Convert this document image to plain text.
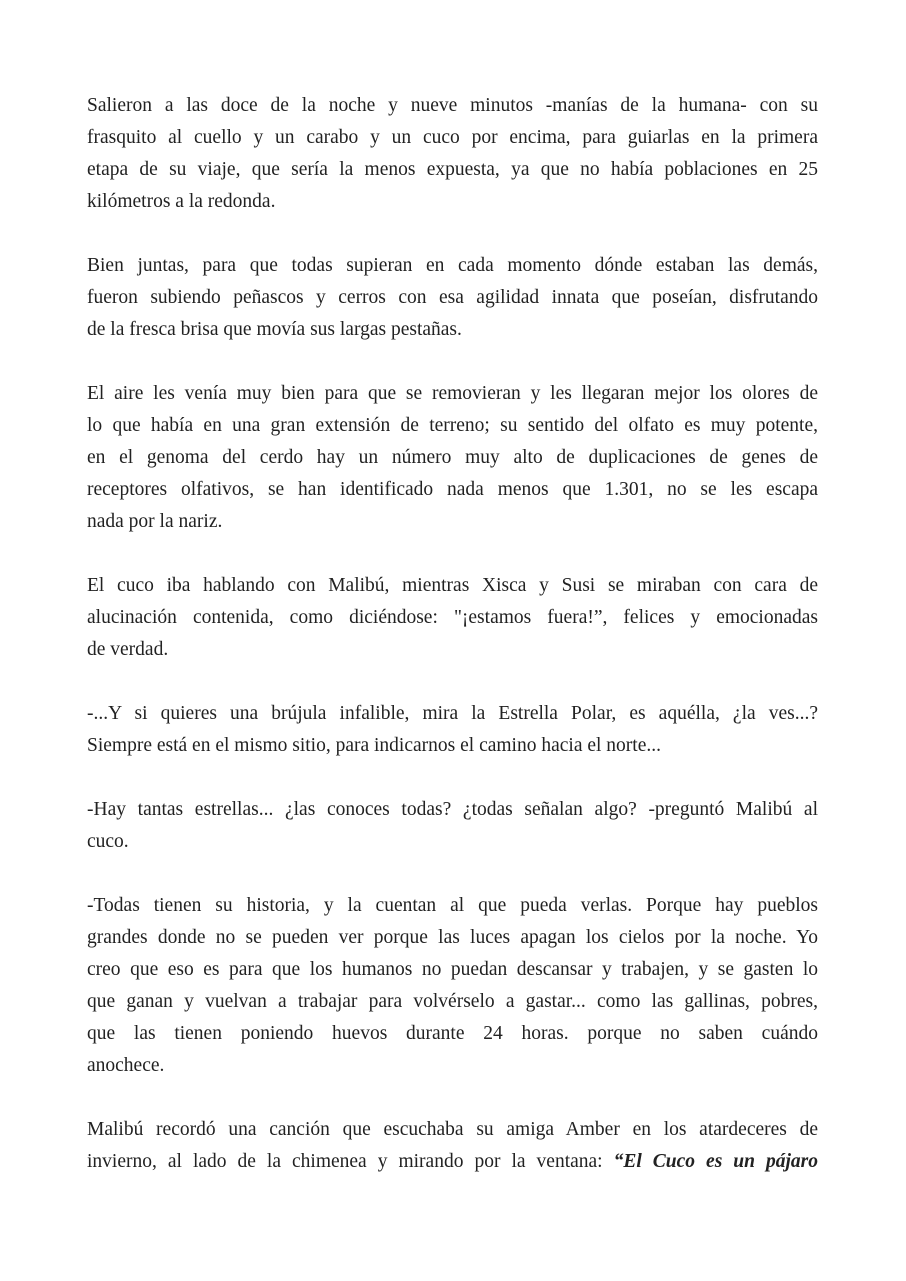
Salieron a las doce de la noche y nueve minutos -manías de la humana- con su
frasquito al cuello y un carabo y un cuco por encima, para guiarlas en la primera
etapa de su viaje, que sería la menos expuesta, ya que no había poblaciones en 25
kilómetros a la redonda.

Bien juntas, para que todas supieran en cada momento dónde estaban las demás,
fueron subiendo peñascos y cerros con esa agilidad innata que poseían, disfrutando
de la fresca brisa que movía sus largas pestañas.

El aire les venía muy bien para que se removieran y les llegaran mejor los olores de
lo que había en una gran extensión de terreno; su sentido del olfato es muy potente,
en el genoma del cerdo hay un número muy alto de duplicaciones de genes de
receptores olfativos, se han identificado nada menos que 1.301, no se les escapa
nada por la nariz.

El cuco iba hablando con Malibú, mientras Xisca y Susi se miraban con cara de
alucinación contenida, como diciéndose: "¡estamos fuera!”, felices y emocionadas
de verdad.

-...Y si quieres una brújula infalible, mira la Estrella Polar, es aquélla, ¿la ves...?
Siempre está en el mismo sitio, para indicarnos el camino hacia el norte...

-Hay tantas estrellas... ¿las conoces todas? ¿todas señalan algo? -preguntó Malibú al
cuco.

-Todas tienen su historia, y la cuentan al que pueda verlas. Porque hay pueblos
grandes donde no se pueden ver porque las luces apagan los cielos por la noche. Yo
creo que eso es para que los humanos no puedan descansar y trabajen, y se gasten lo
que ganan y vuelvan a trabajar para volvérselo a gastar... como las gallinas, pobres,
que las tienen poniendo huevos durante 24 horas. porque no saben cuándo
anochece.

Malibú recordó una canción que escuchaba su amiga Amber en los atardeceres de
invierno, al lado de la chimenea y mirando por la ventana: “El Cuco es un pájaro
